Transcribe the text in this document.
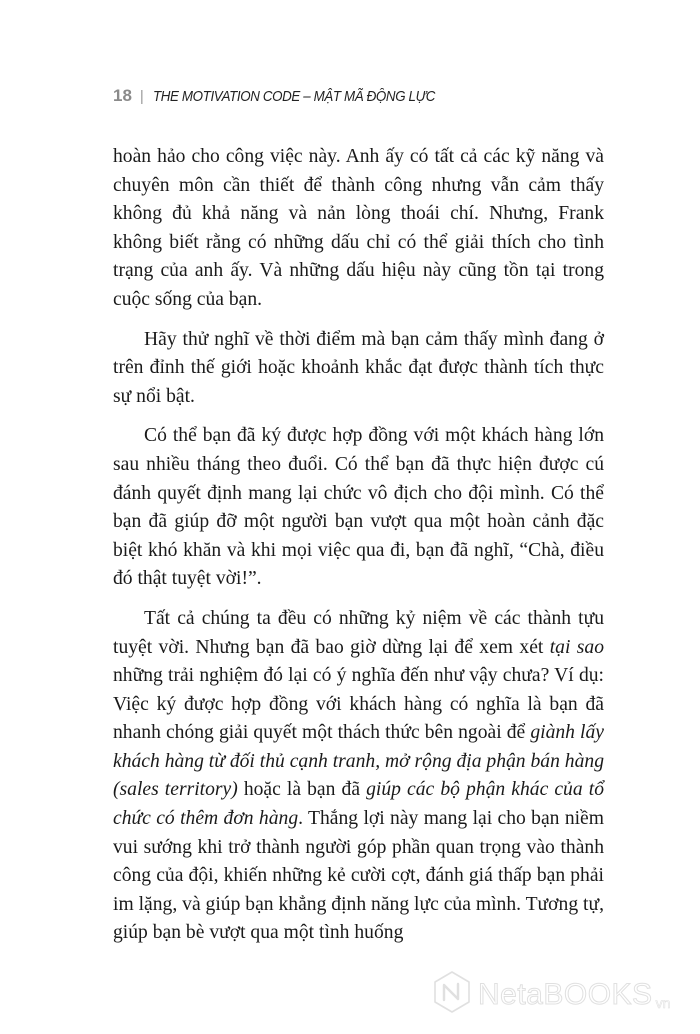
18 | THE MOTIVATION CODE – MẬT MÃ ĐỘNG LỰC

hoàn hảo cho công việc này. Anh ấy có tất cả các kỹ năng và chuyên môn cần thiết để thành công nhưng vẫn cảm thấy không đủ khả năng và nản lòng thoái chí. Nhưng, Frank không biết rằng có những dấu chỉ có thể giải thích cho tình trạng của anh ấy. Và những dấu hiệu này cũng tồn tại trong cuộc sống của bạn.

Hãy thử nghĩ về thời điểm mà bạn cảm thấy mình đang ở trên đỉnh thế giới hoặc khoảnh khắc đạt được thành tích thực sự nổi bật.

Có thể bạn đã ký được hợp đồng với một khách hàng lớn sau nhiều tháng theo đuổi. Có thể bạn đã thực hiện được cú đánh quyết định mang lại chức vô địch cho đội mình. Có thể bạn đã giúp đỡ một người bạn vượt qua một hoàn cảnh đặc biệt khó khăn và khi mọi việc qua đi, bạn đã nghĩ, “Chà, điều đó thật tuyệt vời!”.

Tất cả chúng ta đều có những kỷ niệm về các thành tựu tuyệt vời. Nhưng bạn đã bao giờ dừng lại để xem xét tại sao những trải nghiệm đó lại có ý nghĩa đến như vậy chưa? Ví dụ: Việc ký được hợp đồng với khách hàng có nghĩa là bạn đã nhanh chóng giải quyết một thách thức bên ngoài để giành lấy khách hàng từ đối thủ cạnh tranh, mở rộng địa phận bán hàng (sales territory) hoặc là bạn đã giúp các bộ phận khác của tổ chức có thêm đơn hàng. Thắng lợi này mang lại cho bạn niềm vui sướng khi trở thành người góp phần quan trọng vào thành công của đội, khiến những kẻ cười cợt, đánh giá thấp bạn phải im lặng, và giúp bạn khẳng định năng lực của mình. Tương tự, giúp bạn bè vượt qua một tình huống

NetaBOOKS vn
